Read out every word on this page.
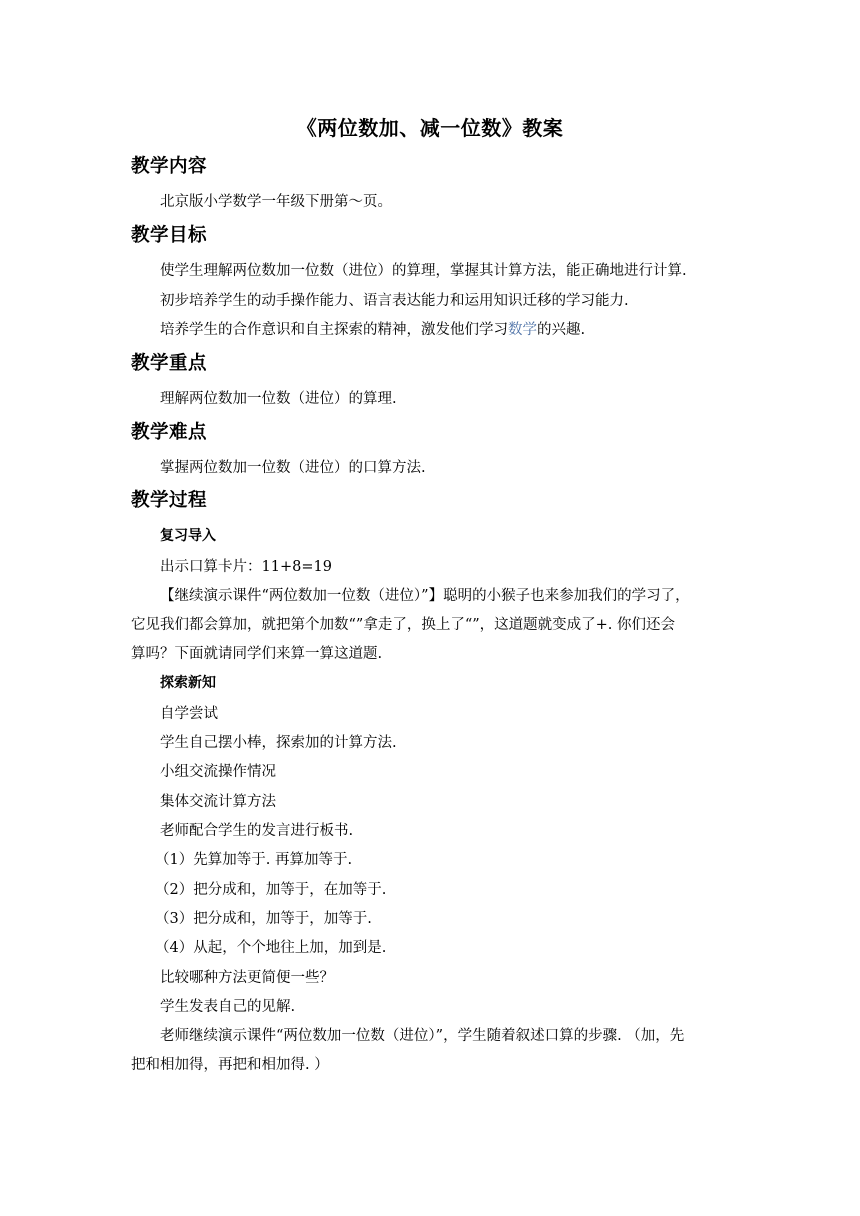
《两位数加、减一位数》教案
教学内容
北京版小学数学一年级下册第～页。
教学目标
使学生理解两位数加一位数（进位）的算理，掌握其计算方法，能正确地进行计算.
初步培养学生的动手操作能力、语言表达能力和运用知识迁移的学习能力.
培养学生的合作意识和自主探索的精神，激发他们学习数学的兴趣.
教学重点
理解两位数加一位数（进位）的算理.
教学难点
掌握两位数加一位数（进位）的口算方法.
教学过程
复习导入
出示口算卡片：11+8=19
【继续演示课件“两位数加一位数（进位）”】聪明的小猴子也来参加我们的学习了，
它见我们都会算加，就把第个加数“”拿走了，换上了“”，这道题就变成了+. 你们还会
算吗？下面就请同学们来算一算这道题.
探索新知
自学尝试
学生自己摆小棒，探索加的计算方法.
小组交流操作情况
集体交流计算方法
老师配合学生的发言进行板书.
（1）先算加等于. 再算加等于.
（2）把分成和，加等于，在加等于.
（3）把分成和，加等于，加等于.
（4）从起，个个地往上加，加到是.
比较哪种方法更简便一些？
学生发表自己的见解.
老师继续演示课件“两位数加一位数（进位）”，学生随着叙述口算的步骤. （加，先
把和相加得，再把和相加得. ）
